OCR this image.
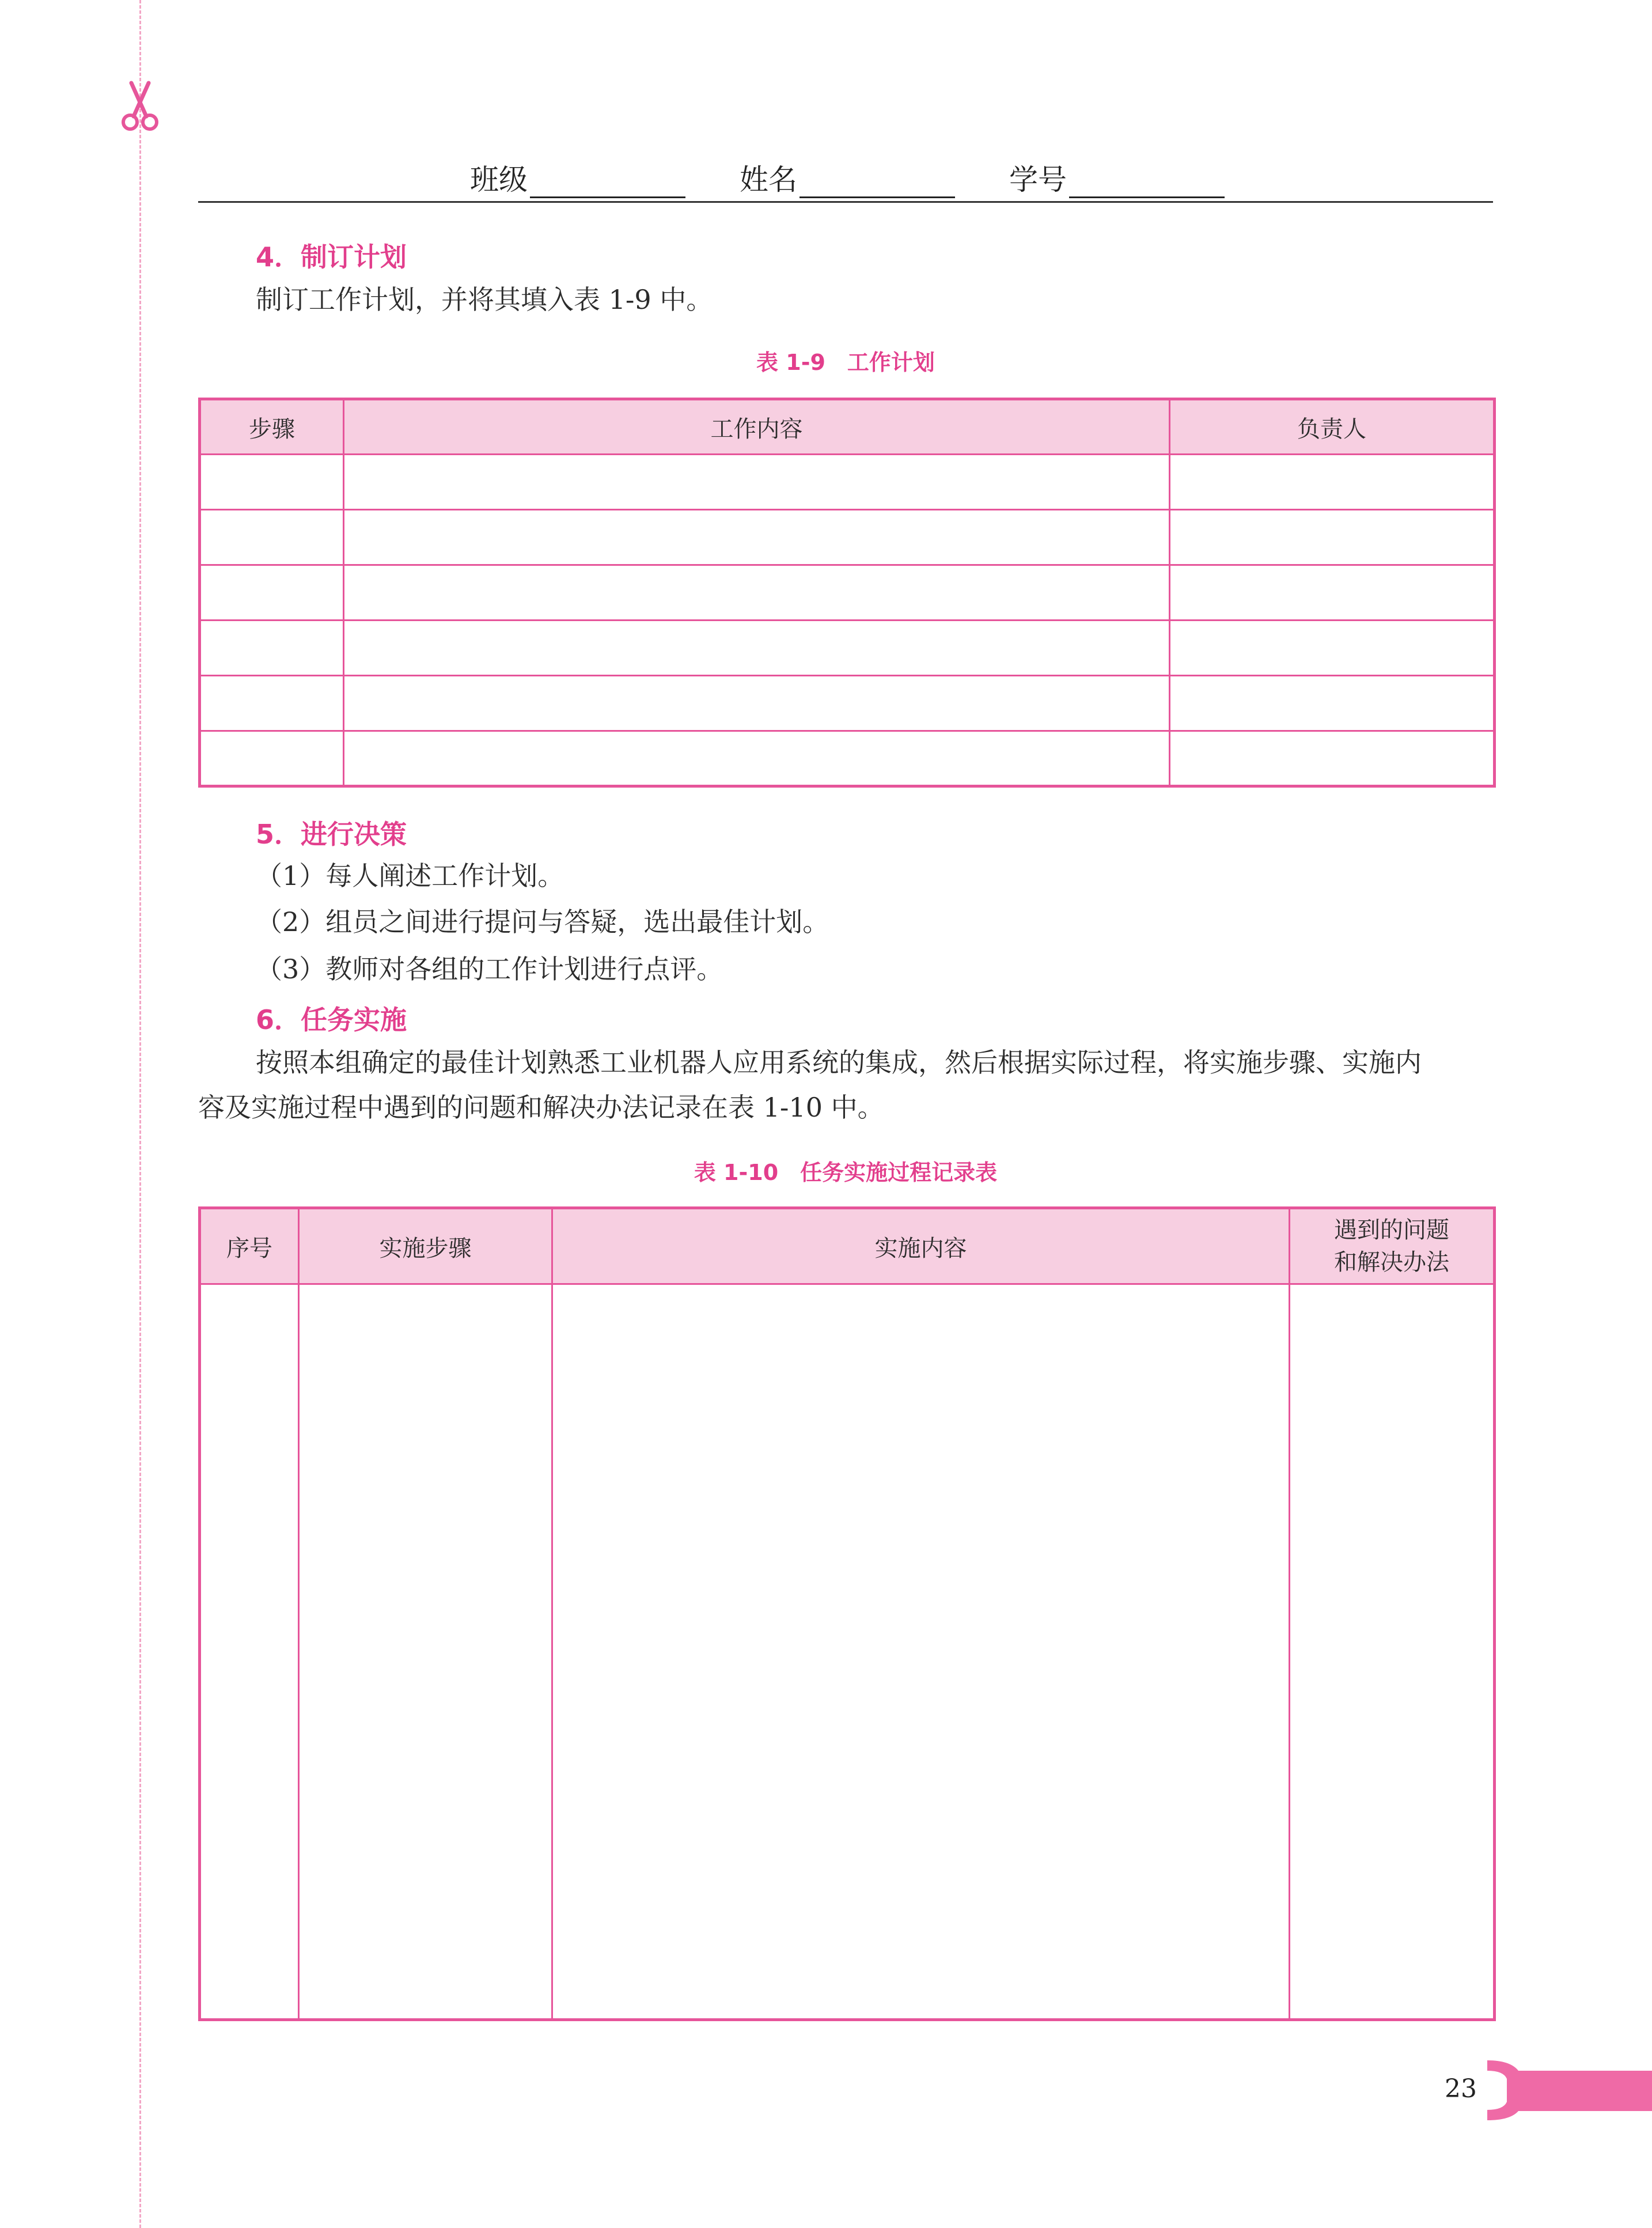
班级	姓名	学号
4．制订计划
制订工作计划，并将其填入表 1-9 中。
表 1-9　工作计划
步骤	工作内容	负责人

5．进行决策
（1）每人阐述工作计划。
（2）组员之间进行提问与答疑，选出最佳计划。
（3）教师对各组的工作计划进行点评。
6．任务实施
按照本组确定的最佳计划熟悉工业机器人应用系统的集成，然后根据实际过程，将实施步骤、实施内
容及实施过程中遇到的问题和解决办法记录在表 1-10 中。
表 1-10　任务实施过程记录表
序号	实施步骤	实施内容	遇到的问题
和解决办法

23
